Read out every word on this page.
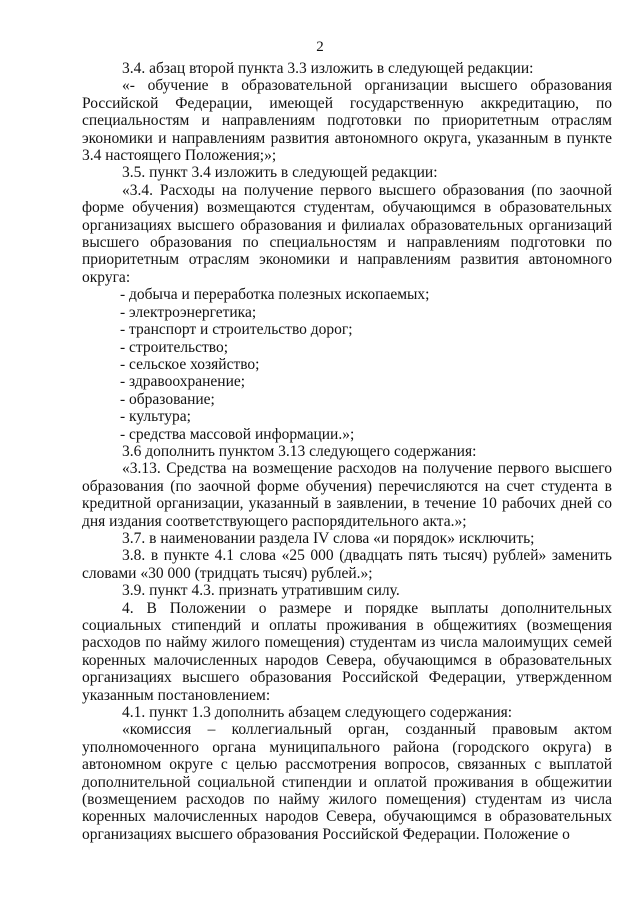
2

3.4. абзац второй пункта 3.3 изложить в следующей редакции:

«- обучение в образовательной организации высшего образования Российской Федерации, имеющей государственную аккредитацию, по специальностям и направлениям подготовки по приоритетным отраслям экономики и направлениям развития автономного округа, указанным в пункте 3.4 настоящего Положения;»;

3.5. пункт 3.4 изложить в следующей редакции:

«3.4. Расходы на получение первого высшего образования (по заочной форме обучения) возмещаются студентам, обучающимся в образовательных организациях высшего образования и филиалах образовательных организаций высшего образования по специальностям и направлениям подготовки по приоритетным отраслям экономики и направлениям развития автономного округа:

- добыча и переработка полезных ископаемых;

- электроэнергетика;

- транспорт и строительство дорог;

- строительство;

- сельское хозяйство;

- здравоохранение;

- образование;

- культура;

- средства массовой информации.»;

3.6 дополнить пунктом 3.13 следующего содержания:

«3.13. Средства на возмещение расходов на получение первого высшего образования (по заочной форме обучения) перечисляются на счет студента в кредитной организации, указанный в заявлении, в течение 10 рабочих дней со дня издания соответствующего распорядительного акта.»;

3.7. в наименовании раздела IV слова «и порядок» исключить;

3.8. в пункте 4.1 слова «25 000 (двадцать пять тысяч) рублей» заменить словами «30 000 (тридцать тысяч) рублей.»;

3.9. пункт 4.3. признать утратившим силу.

4. В Положении о размере и порядке выплаты дополнительных социальных стипендий и оплаты проживания в общежитиях (возмещения расходов по найму жилого помещения) студентам из числа малоимущих семей коренных малочисленных народов Севера, обучающимся в образовательных организациях высшего образования Российской Федерации, утвержденном указанным постановлением:

4.1. пункт 1.3 дополнить абзацем следующего содержания:

«комиссия – коллегиальный орган, созданный правовым актом уполномоченного органа муниципального района (городского округа) в автономном округе с целью рассмотрения вопросов, связанных с выплатой дополнительной социальной стипендии и оплатой проживания в общежитии (возмещением расходов по найму жилого помещения) студентам из числа коренных малочисленных народов Севера, обучающимся в образовательных организациях высшего образования Российской Федерации. Положение о
